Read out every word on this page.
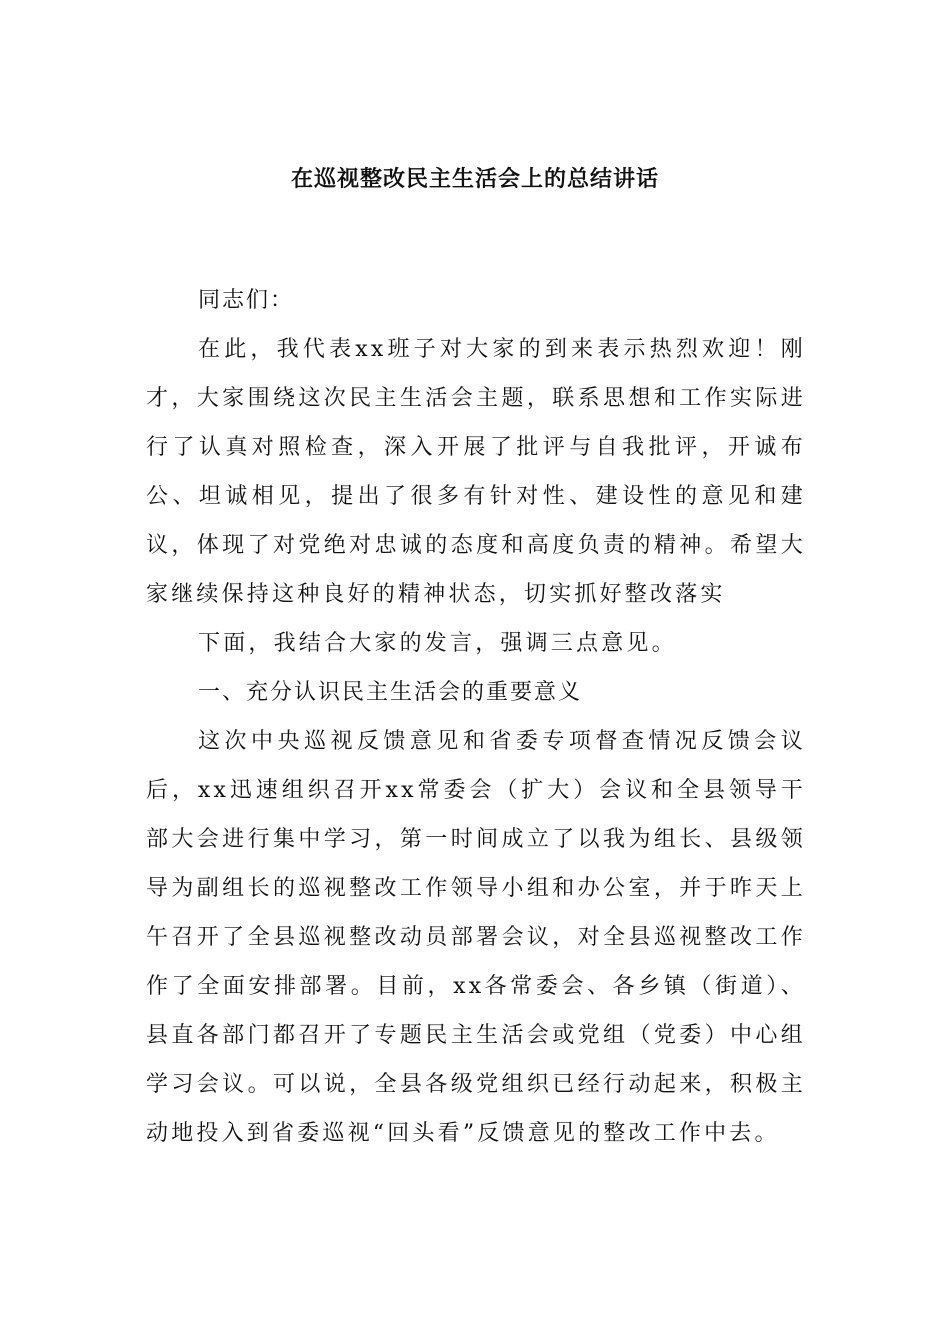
在巡视整改民主生活会上的总结讲话

同志们：

在此，我代表xx班子对大家的到来表示热烈欢迎！刚才，大家围绕这次民主生活会主题，联系思想和工作实际进行了认真对照检查，深入开展了批评与自我批评，开诚布公、坦诚相见，提出了很多有针对性、建设性的意见和建议，体现了对党绝对忠诚的态度和高度负责的精神。希望大家继续保持这种良好的精神状态，切实抓好整改落实

下面，我结合大家的发言，强调三点意见。

一、充分认识民主生活会的重要意义

这次中央巡视反馈意见和省委专项督查情况反馈会议后，xx迅速组织召开xx常委会（扩大）会议和全县领导干部大会进行集中学习，第一时间成立了以我为组长、县级领导为副组长的巡视整改工作领导小组和办公室，并于昨天上午召开了全县巡视整改动员部署会议，对全县巡视整改工作作了全面安排部署。目前，xx各常委会、各乡镇（街道）、县直各部门都召开了专题民主生活会或党组（党委）中心组学习会议。可以说，全县各级党组织已经行动起来，积极主动地投入到省委巡视“回头看”反馈意见的整改工作中去。
